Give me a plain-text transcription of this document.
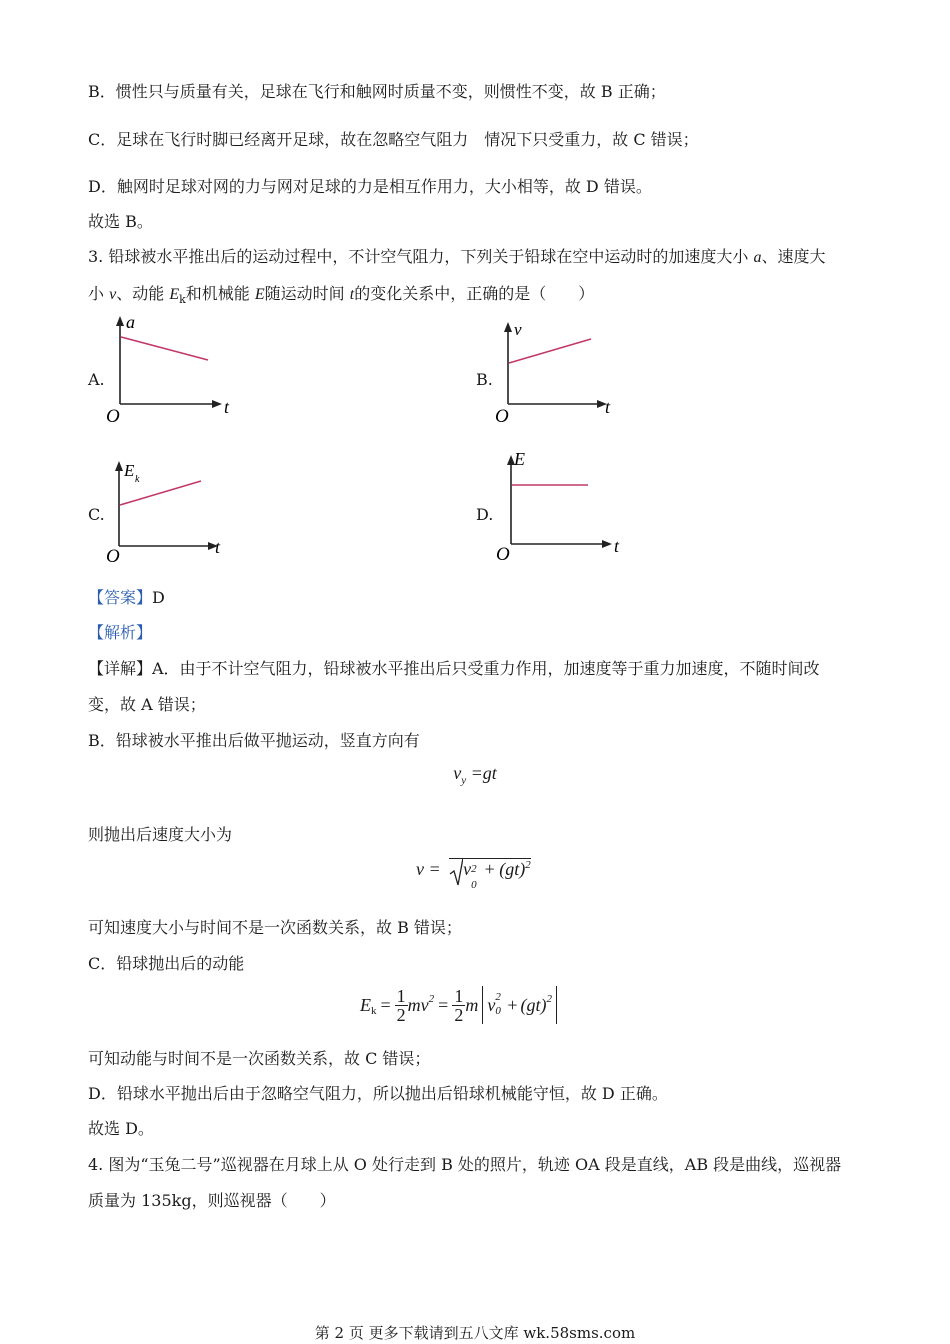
B．惯性只与质量有关，足球在飞行和触网时质量不变，则惯性不变，故 B 正确；
C．足球在飞行时脚已经离开足球，故在忽略空气阻力　情况下只受重力，故 C 错误；
D．触网时足球对网的力与网对足球的力是相互作用力，大小相等，故 D 错误。
故选 B。
3. 铅球被水平推出后的运动过程中，不计空气阻力，下列关于铅球在空中运动时的加速度大小 a、速度大
小 v、动能 $E_k$和机械能 E随运动时间 t的变化关系中，正确的是（　　）
A.
a
O	t
B.
v
O	t
C.
E k
O	t
D.
E
O	t
【答案】D
【解析】
【详解】A．由于不计空气阻力，铅球被水平推出后只受重力作用，加速度等于重力加速度，不随时间改
变，故 A 错误；
B．铅球被水平推出后做平抛运动，竖直方向有
$v_y =gt$
则抛出后速度大小为
v = v 2
0
+ (gt)$^2$
可知速度大小与时间不是一次函数关系，故 B 错误；
C．铅球抛出后的动能
$E_k = \frac{1}{2} mv^2 = \frac{1}{2}$ m v 2
0 + (gt)$^2$
可知动能与时间不是一次函数关系，故 C 错误；
D．铅球水平抛出后由于忽略空气阻力，所以抛出后铅球机械能守恒，故 D 正确。
故选 D。
4. 图为“玉兔二号”巡视器在月球上从 O 处行走到 B 处的照片，轨迹 OA 段是直线，AB 段是曲线，巡视器
质量为 135kg，则巡视器（　　）
第 2 页 更多下载请到五八文库 wk.58sms.com
